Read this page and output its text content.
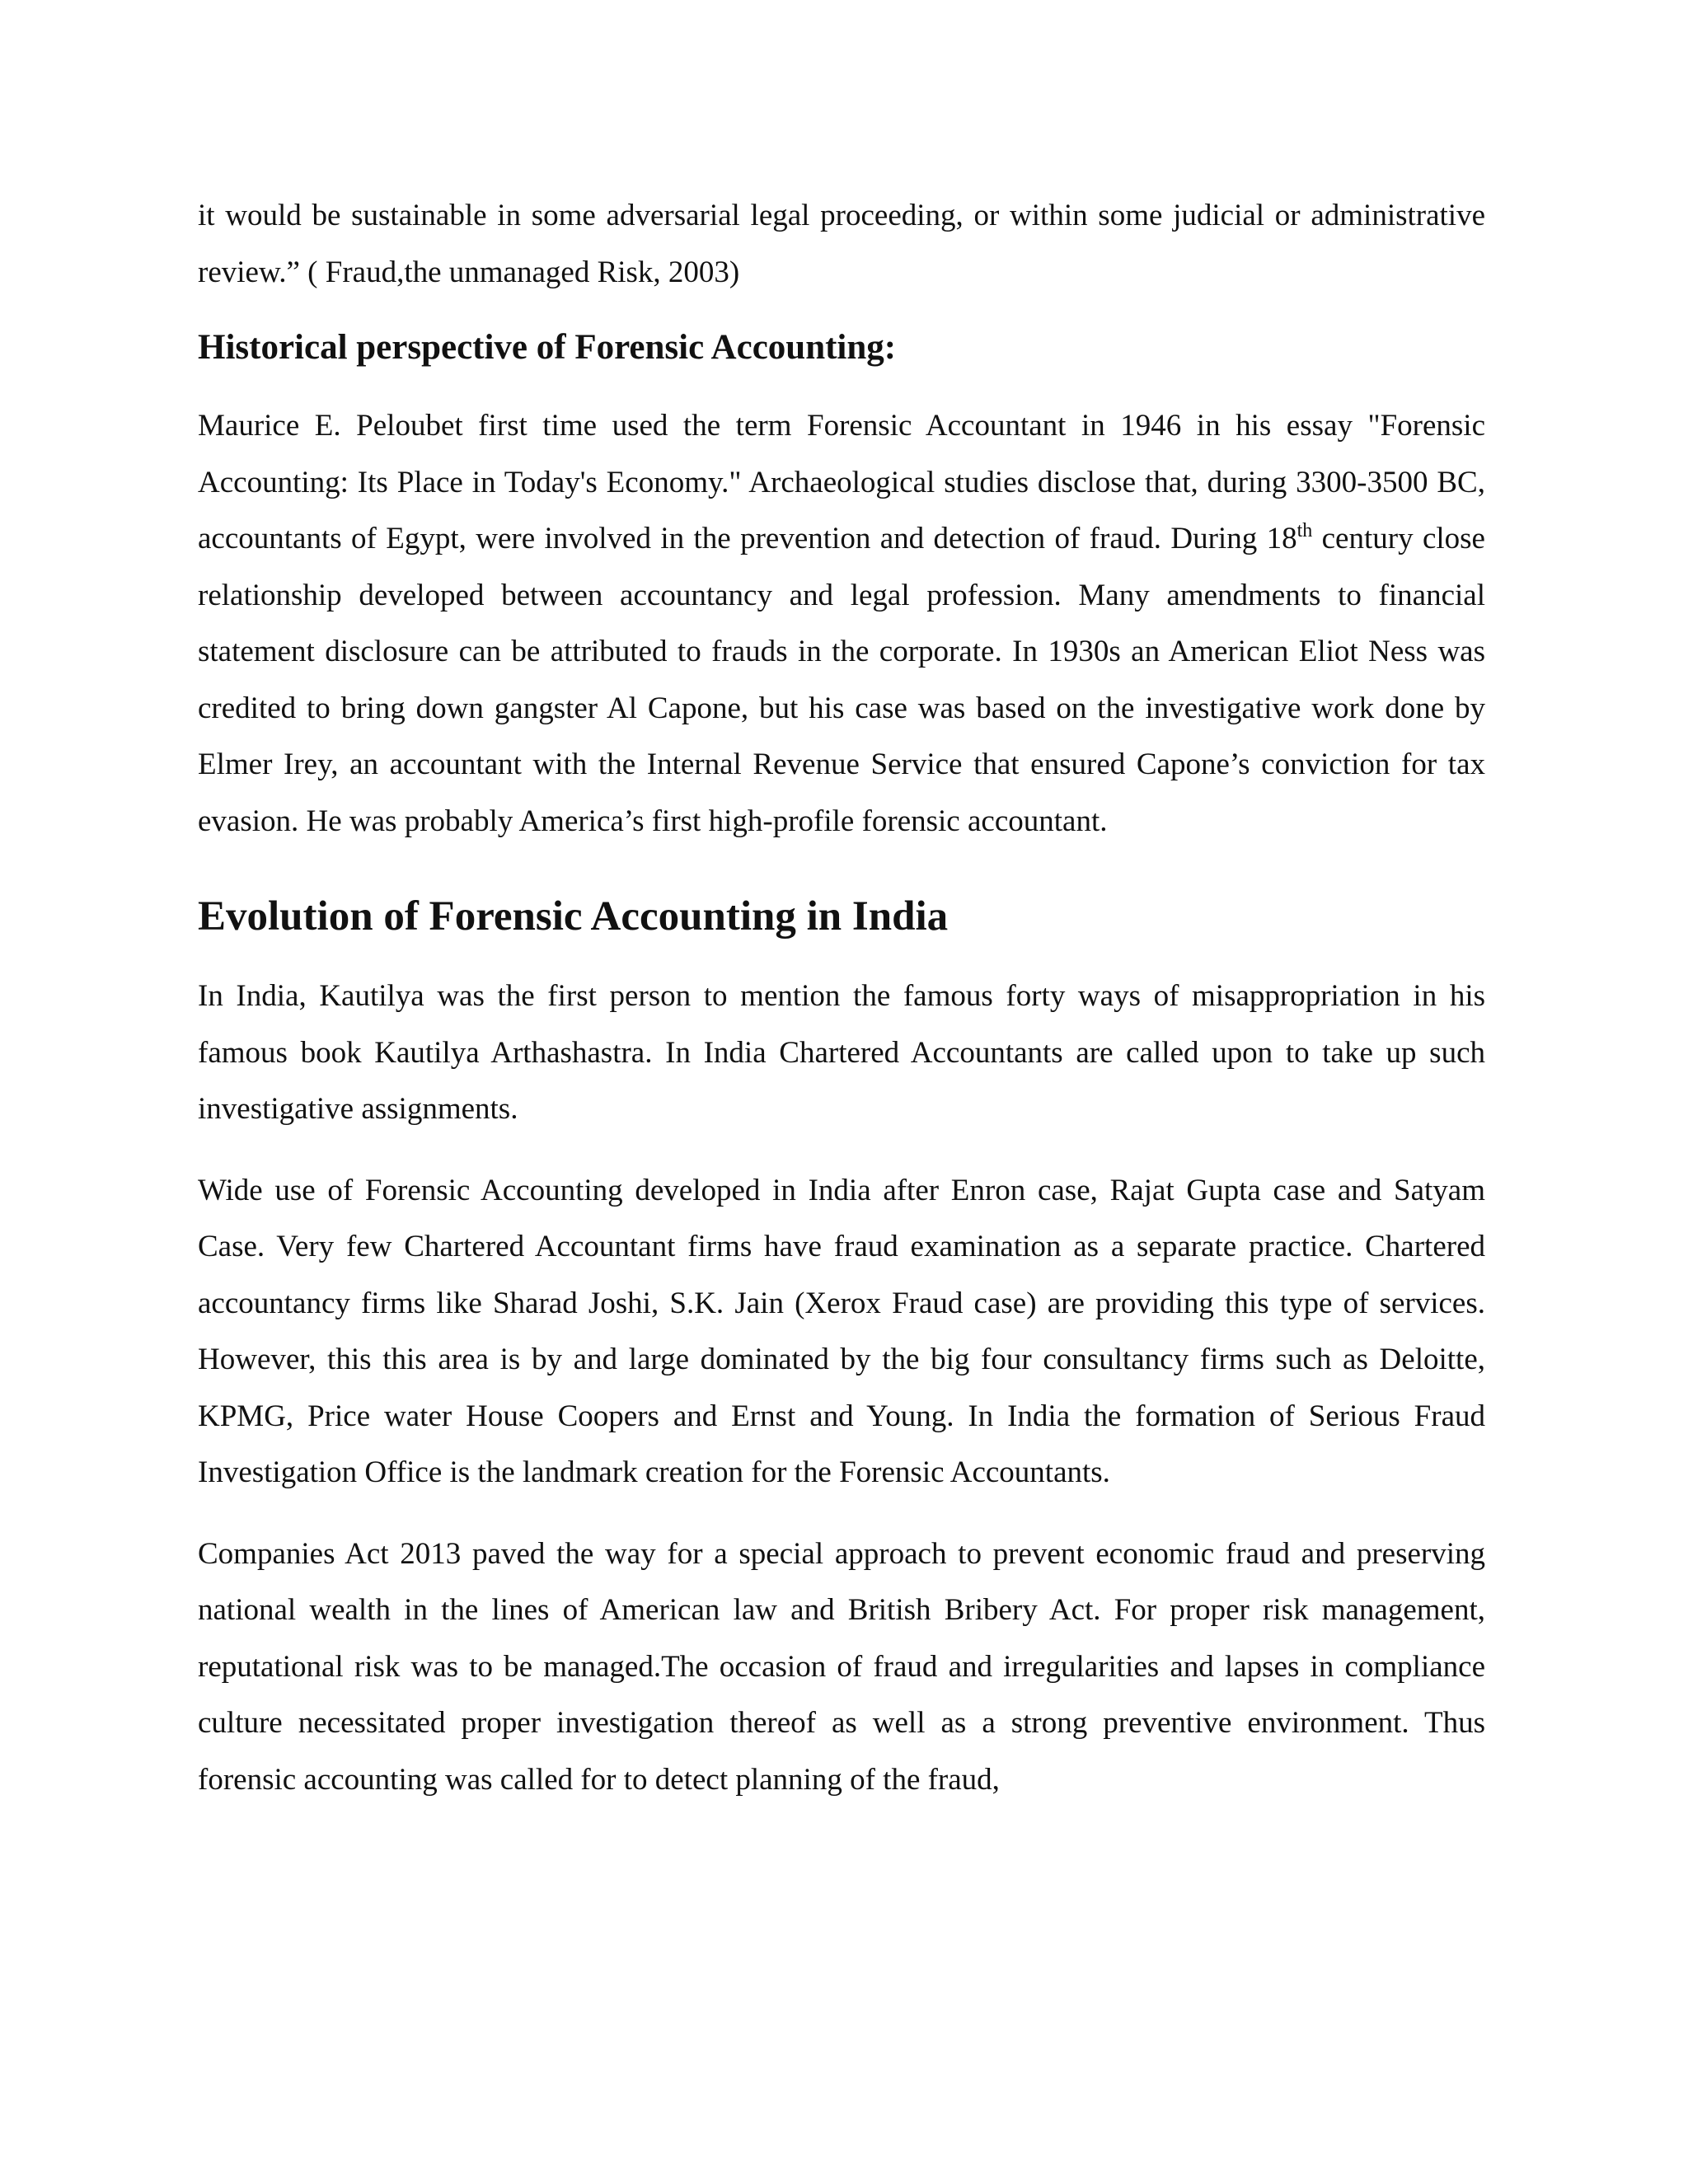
it would be sustainable in some adversarial legal proceeding, or within some judicial or administrative review.” ( Fraud,the unmanaged Risk, 2003)

Historical perspective of Forensic Accounting:

Maurice E. Peloubet first time used the term Forensic Accountant in 1946 in his essay "Forensic Accounting: Its Place in Today's Economy." Archaeological studies disclose that, during 3300-3500 BC, accountants of Egypt, were involved in the prevention and detection of fraud. During 18th century close relationship developed between accountancy and legal profession. Many amendments to financial statement disclosure can be attributed to frauds in the corporate. In 1930s an American Eliot Ness was credited to bring down gangster Al Capone, but his case was based on the investigative work done by Elmer Irey, an accountant with the Internal Revenue Service that ensured Capone’s conviction for tax evasion. He was probably America’s first high-profile forensic accountant.

Evolution of Forensic Accounting in India

In India, Kautilya was the first person to mention the famous forty ways of misappropriation in his famous book Kautilya Arthashastra. In India Chartered Accountants are called upon to take up such investigative assignments.

Wide use of Forensic Accounting developed in India after Enron case, Rajat Gupta case and Satyam Case. Very few Chartered Accountant firms have fraud examination as a separate practice. Chartered accountancy firms like Sharad Joshi, S.K. Jain (Xerox Fraud case) are providing this type of services. However, this this area is by and large dominated by the big four consultancy firms such as Deloitte, KPMG, Price water House Coopers and Ernst and Young. In India the formation of Serious Fraud Investigation Office is the landmark creation for the Forensic Accountants.

Companies Act 2013 paved the way for a special approach to prevent economic fraud and preserving national wealth in the lines of American law and British Bribery Act. For proper risk management, reputational risk was to be managed.The occasion of fraud and irregularities and lapses in compliance culture necessitated proper investigation thereof as well as a strong preventive environment. Thus forensic accounting was called for to detect planning of the fraud,
